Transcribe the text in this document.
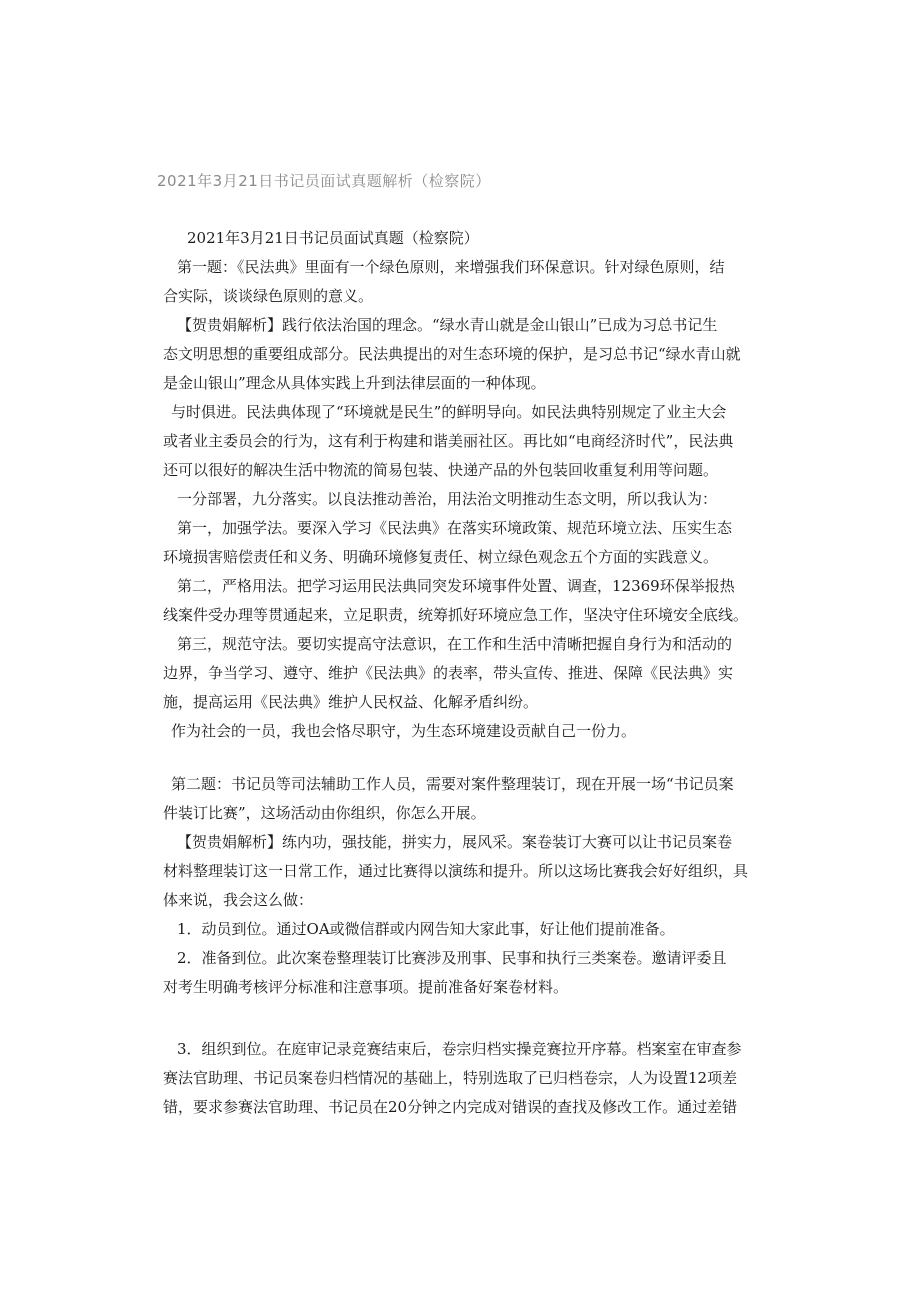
2021年3月21日书记员面试真题解析（检察院）

2021年3月21日书记员面试真题（检察院）

第一题：《民法典》里面有一个绿色原则，来增强我们环保意识。针对绿色原则，结

合实际，谈谈绿色原则的意义。

【贺贵娟解析】践行依法治国的理念。“绿水青山就是金山银山”已成为习总书记生

态文明思想的重要组成部分。民法典提出的对生态环境的保护，是习总书记“绿水青山就

是金山银山”理念从具体实践上升到法律层面的一种体现。

与时俱进。民法典体现了“环境就是民生”的鲜明导向。如民法典特别规定了业主大会

或者业主委员会的行为，这有利于构建和谐美丽社区。再比如“电商经济时代”，民法典

还可以很好的解决生活中物流的简易包装、快递产品的外包装回收重复利用等问题。

一分部署，九分落实。以良法推动善治，用法治文明推动生态文明，所以我认为：

第一，加强学法。要深入学习《民法典》在落实环境政策、规范环境立法、压实生态

环境损害赔偿责任和义务、明确环境修复责任、树立绿色观念五个方面的实践意义。

第二，严格用法。把学习运用民法典同突发环境事件处置、调查，12369环保举报热

线案件受办理等贯通起来，立足职责，统筹抓好环境应急工作，坚决守住环境安全底线。

第三，规范守法。要切实提高守法意识，在工作和生活中清晰把握自身行为和活动的

边界，争当学习、遵守、维护《民法典》的表率，带头宣传、推进、保障《民法典》实

施，提高运用《民法典》维护人民权益、化解矛盾纠纷。

作为社会的一员，我也会恪尽职守，为生态环境建设贡献自己一份力。

第二题：书记员等司法辅助工作人员，需要对案件整理装订，现在开展一场“书记员案

件装订比赛”，这场活动由你组织，你怎么开展。

【贺贵娟解析】练内功，强技能，拼实力，展风采。案卷装订大赛可以让书记员案卷

材料整理装订这一日常工作，通过比赛得以演练和提升。所以这场比赛我会好好组织，具

体来说，我会这么做：

1．动员到位。通过OA或微信群或内网告知大家此事，好让他们提前准备。

2．准备到位。此次案卷整理装订比赛涉及刑事、民事和执行三类案卷。邀请评委且

对考生明确考核评分标准和注意事项。提前准备好案卷材料。

3．组织到位。在庭审记录竞赛结束后，卷宗归档实操竞赛拉开序幕。档案室在审查参

赛法官助理、书记员案卷归档情况的基础上，特别选取了已归档卷宗，人为设置12项差

错，要求参赛法官助理、书记员在20分钟之内完成对错误的查找及修改工作。通过差错
